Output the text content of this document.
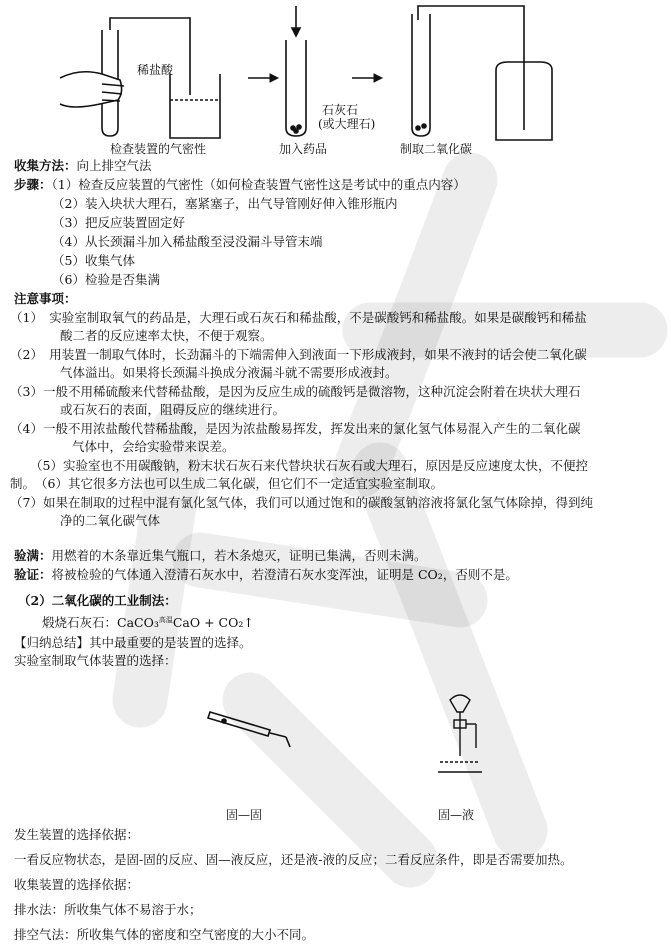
稀盐酸
石灰石
(或大理石)
检查装置的气密性	加入药品	制取二氧化碳
收集方法：向上排空气法
步骤：（1）检查反应装置的气密性（如何检查装置气密性这是考试中的重点内容）
（2）装入块状大理石，塞紧塞子，出气导管刚好伸入锥形瓶内
（3）把反应装置固定好
（4）从长颈漏斗加入稀盐酸至浸没漏斗导管末端
（5）收集气体
（6）检验是否集满
注意事项：
（1）　实验室制取氧气的药品是，大理石或石灰石和稀盐酸，不是碳酸钙和稀盐酸。如果是碳酸钙和稀盐
酸二者的反应速率太快，不便于观察。
（2）　用装置一制取气体时，长劲漏斗的下端需伸入到液面一下形成液封，如果不液封的话会使二氧化碳
气体溢出。如果将长颈漏斗换成分液漏斗就不需要形成液封。
（3）一般不用稀硫酸来代替稀盐酸，是因为反应生成的硫酸钙是微溶物，这种沉淀会附着在块状大理石
或石灰石的表面，阻碍反应的继续进行。
（4）一般不用浓盐酸代替稀盐酸，是因为浓盐酸易挥发，挥发出来的氯化氢气体易混入产生的二氧化碳
气体中，会给实验带来误差。
（5）实验室也不用碳酸钠，粉末状石灰石来代替块状石灰石或大理石，原因是反应速度太快，不便控
制。　（6）其它很多方法也可以生成二氧化碳，但它们不一定适宜实验室制取。
（7）如果在制取的过程中混有氯化氢气体，我们可以通过饱和的碳酸氢钠溶液将氯化氢气体除掉，得到纯
净的二氧化碳气体
验满：用燃着的木条靠近集气瓶口，若木条熄灭，证明已集满，否则未满。
验证：将被检验的气体通入澄清石灰水中，若澄清石灰水变浑浊，证明是 CO₂，否则不是。
（2）二氧化碳的工业制法：
煅烧石灰石：CaCO₃$^{高温}$CaO + CO₂↑
【归纳总结】其中最重要的是装置的选择。
实验室制取气体装置的选择：
固—固	固—液
发生装置的选择依据：
一看反应物状态，是固-固的反应、固—液反应，还是液-液的反应；二看反应条件，即是否需要加热。
收集装置的选择依据：
排水法：所收集气体不易溶于水；
排空气法：所收集气体的密度和空气密度的大小不同。
